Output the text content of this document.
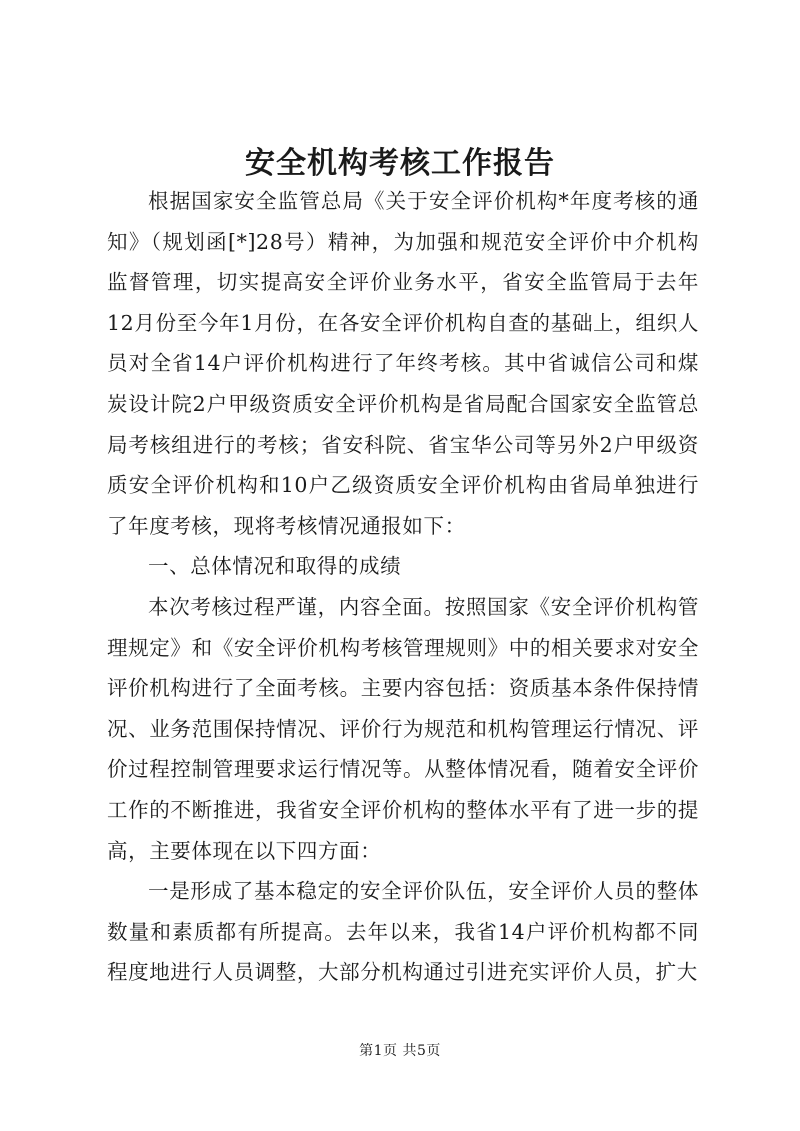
安全机构考核工作报告

根据国家安全监管总局《关于安全评价机构*年度考核的通知》（规划函[*]28号）精神，为加强和规范安全评价中介机构监督管理，切实提高安全评价业务水平，省安全监管局于去年12月份至今年1月份，在各安全评价机构自查的基础上，组织人员对全省14户评价机构进行了年终考核。其中省诚信公司和煤炭设计院2户甲级资质安全评价机构是省局配合国家安全监管总局考核组进行的考核；省安科院、省宝华公司等另外2户甲级资质安全评价机构和10户乙级资质安全评价机构由省局单独进行了年度考核，现将考核情况通报如下：

一、总体情况和取得的成绩

本次考核过程严谨，内容全面。按照国家《安全评价机构管理规定》和《安全评价机构考核管理规则》中的相关要求对安全评价机构进行了全面考核。主要内容包括：资质基本条件保持情况、业务范围保持情况、评价行为规范和机构管理运行情况、评价过程控制管理要求运行情况等。从整体情况看，随着安全评价工作的不断推进，我省安全评价机构的整体水平有了进一步的提高，主要体现在以下四方面：

一是形成了基本稳定的安全评价队伍，安全评价人员的整体数量和素质都有所提高。去年以来，我省14户评价机构都不同程度地进行人员调整，大部分机构通过引进充实评价人员，扩大

第1页 共5页
